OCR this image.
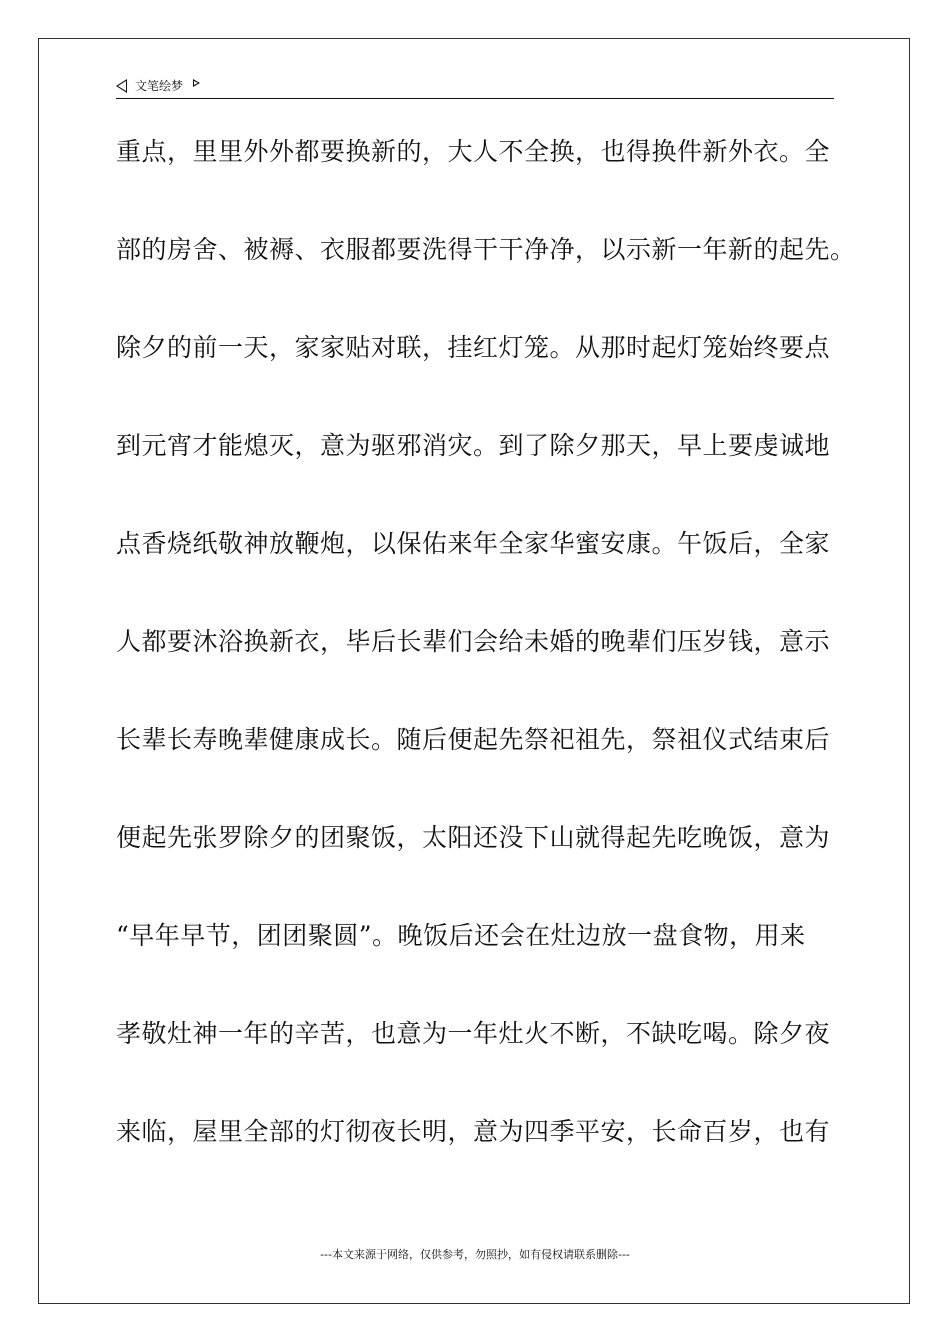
文笔绘梦
重点，里里外外都要换新的，大人不全换，也得换件新外衣。全
部的房舍、被褥、衣服都要洗得干干净净，以示新一年新的起先。
除夕的前一天，家家贴对联，挂红灯笼。从那时起灯笼始终要点
到元宵才能熄灭，意为驱邪消灾。到了除夕那天，早上要虔诚地
点香烧纸敬神放鞭炮，以保佑来年全家华蜜安康。午饭后，全家
人都要沐浴换新衣，毕后长辈们会给未婚的晚辈们压岁钱，意示
长辈长寿晚辈健康成长。随后便起先祭祀祖先，祭祖仪式结束后
便起先张罗除夕的团聚饭，太阳还没下山就得起先吃晚饭，意为
“早年早节，团团聚圆”。晚饭后还会在灶边放一盘食物，用来
孝敬灶神一年的辛苦，也意为一年灶火不断，不缺吃喝。除夕夜
来临，屋里全部的灯彻夜长明，意为四季平安，长命百岁，也有
---本文来源于网络，仅供参考，勿照抄，如有侵权请联系删除---
